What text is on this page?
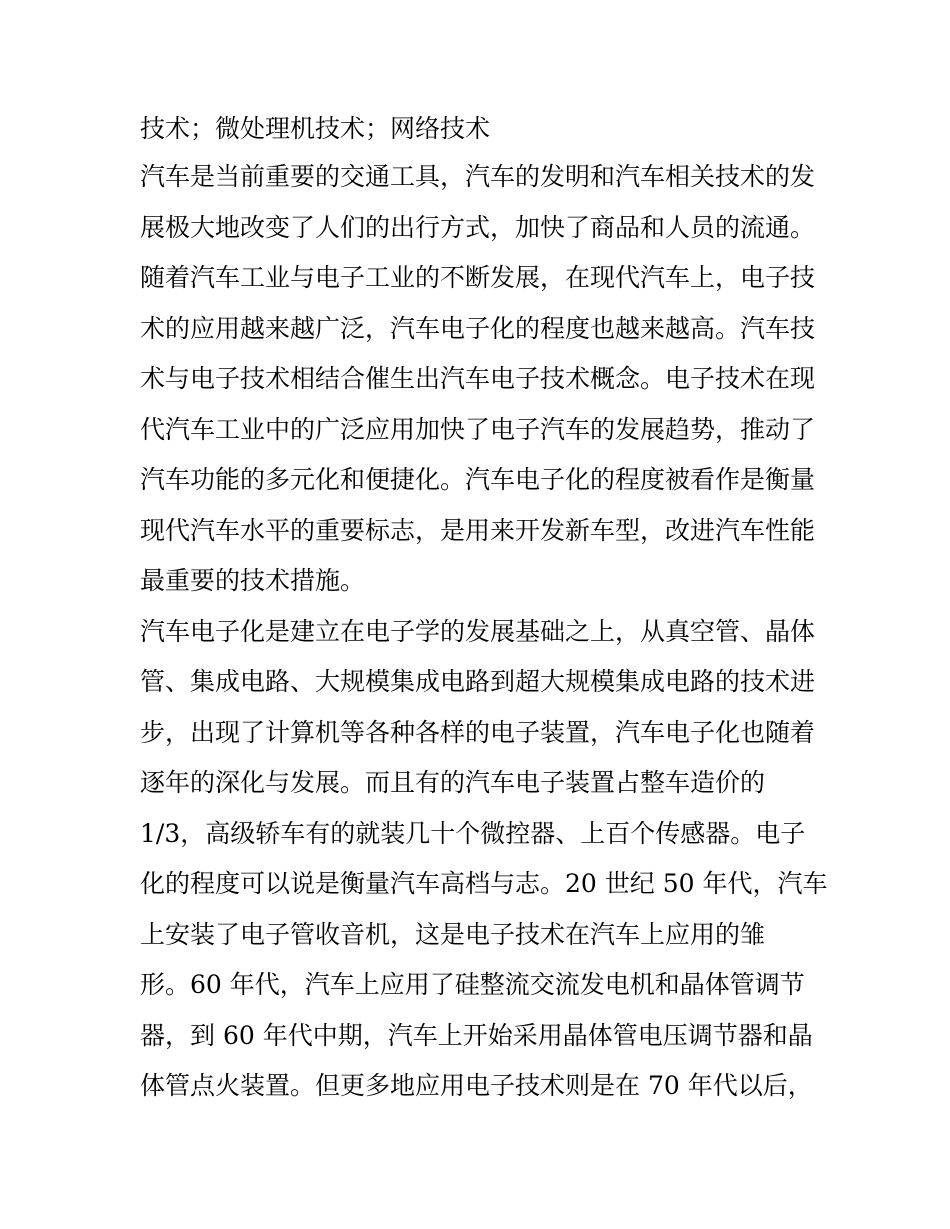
技术；微处理机技术；网络技术
汽车是当前重要的交通工具，汽车的发明和汽车相关技术的发
展极大地改变了人们的出行方式，加快了商品和人员的流通。
随着汽车工业与电子工业的不断发展，在现代汽车上，电子技
术的应用越来越广泛，汽车电子化的程度也越来越高。汽车技
术与电子技术相结合催生出汽车电子技术概念。电子技术在现
代汽车工业中的广泛应用加快了电子汽车的发展趋势，推动了
汽车功能的多元化和便捷化。汽车电子化的程度被看作是衡量
现代汽车水平的重要标志，是用来开发新车型，改进汽车性能
最重要的技术措施。
汽车电子化是建立在电子学的发展基础之上，从真空管、晶体
管、集成电路、大规模集成电路到超大规模集成电路的技术进
步，出现了计算机等各种各样的电子装置，汽车电子化也随着
逐年的深化与发展。而且有的汽车电子装置占整车造价的
1/3，高级轿车有的就装几十个微控器、上百个传感器。电子
化的程度可以说是衡量汽车高档与志。20 世纪 50 年代，汽车
上安装了电子管收音机，这是电子技术在汽车上应用的雏
形。60 年代，汽车上应用了硅整流交流发电机和晶体管调节
器，到 60 年代中期，汽车上开始采用晶体管电压调节器和晶
体管点火装置。但更多地应用电子技术则是在 70 年代以后，
